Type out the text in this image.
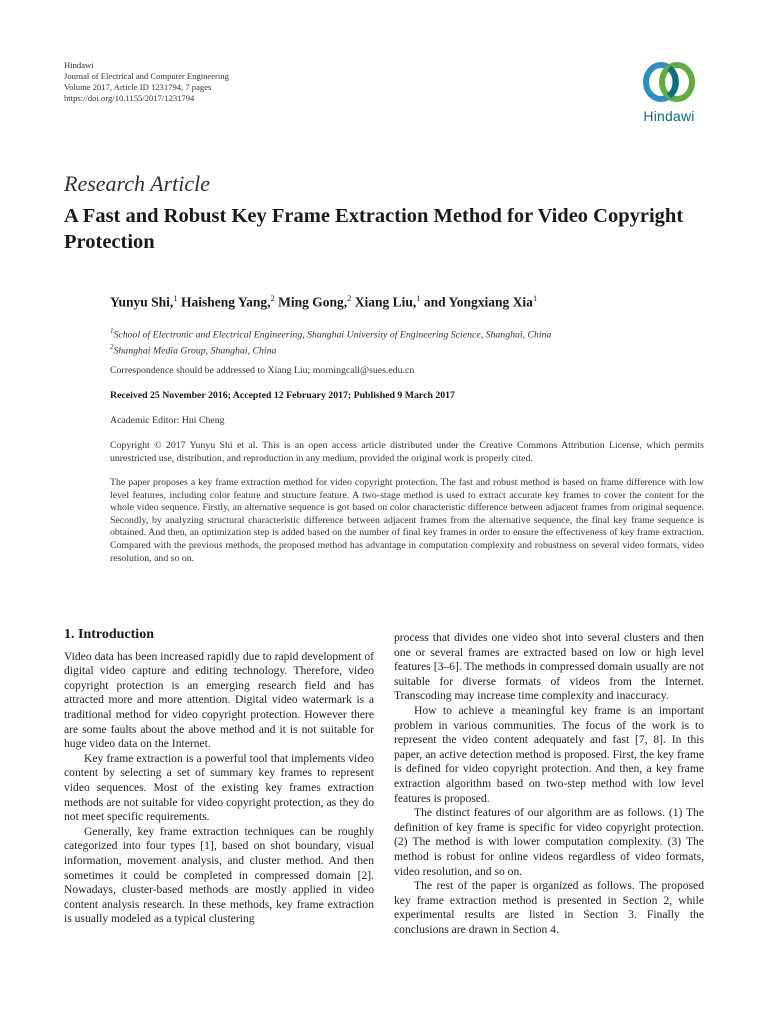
Hindawi
Journal of Electrical and Computer Engineering
Volume 2017, Article ID 1231794, 7 pages
https://doi.org/10.1155/2017/1231794
Hindawi
Research Article
A Fast and Robust Key Frame Extraction Method for Video Copyright Protection
Yunyu Shi,$^1$ Haisheng Yang,$^2$ Ming Gong,$^2$ Xiang Liu,$^1$ and Yongxiang Xia$^1$
$^1$School of Electronic and Electrical Engineering, Shanghai University of Engineering Science, Shanghai, China
$^2$Shanghai Media Group, Shanghai, China
Correspondence should be addressed to Xiang Liu; morningcall@sues.edu.cn
Received 25 November 2016; Accepted 12 February 2017; Published 9 March 2017
Academic Editor: Hui Cheng
Copyright © 2017 Yunyu Shi et al. This is an open access article distributed under the Creative Commons Attribution License, which permits unrestricted use, distribution, and reproduction in any medium, provided the original work is properly cited.
The paper proposes a key frame extraction method for video copyright protection. The fast and robust method is based on frame difference with low level features, including color feature and structure feature. A two-stage method is used to extract accurate key frames to cover the content for the whole video sequence. Firstly, an alternative sequence is got based on color characteristic difference between adjacent frames from original sequence. Secondly, by analyzing structural characteristic difference between adjacent frames from the alternative sequence, the final key frame sequence is obtained. And then, an optimization step is added based on the number of final key frames in order to ensure the effectiveness of key frame extraction. Compared with the previous methods, the proposed method has advantage in computation complexity and robustness on several video formats, video resolution, and so on.
1. Introduction

Video data has been increased rapidly due to rapid development of digital video capture and editing technology. Therefore, video copyright protection is an emerging research field and has attracted more and more attention. Digital video watermark is a traditional method for video copyright protection. However there are some faults about the above method and it is not suitable for huge video data on the Internet.

Key frame extraction is a powerful tool that implements video content by selecting a set of summary key frames to represent video sequences. Most of the existing key frames extraction methods are not suitable for video copyright protection, as they do not meet specific requirements.

Generally, key frame extraction techniques can be roughly categorized into four types [1], based on shot boundary, visual information, movement analysis, and cluster method. And then sometimes it could be completed in compressed domain [2]. Nowadays, cluster-based methods are mostly applied in video content analysis research. In these methods, key frame extraction is usually modeled as a typical clustering

process that divides one video shot into several clusters and then one or several frames are extracted based on low or high level features [3–6]. The methods in compressed domain usually are not suitable for diverse formats of videos from the Internet. Transcoding may increase time complexity and inaccuracy.

How to achieve a meaningful key frame is an important problem in various communities. The focus of the work is to represent the video content adequately and fast [7, 8]. In this paper, an active detection method is proposed. First, the key frame is defined for video copyright protection. And then, a key frame extraction algorithm based on two-step method with low level features is proposed.

The distinct features of our algorithm are as follows. (1) The definition of key frame is specific for video copyright protection. (2) The method is with lower computation complexity. (3) The method is robust for online videos regardless of video formats, video resolution, and so on.

The rest of the paper is organized as follows. The proposed key frame extraction method is presented in Section 2, while experimental results are listed in Section 3. Finally the conclusions are drawn in Section 4.
